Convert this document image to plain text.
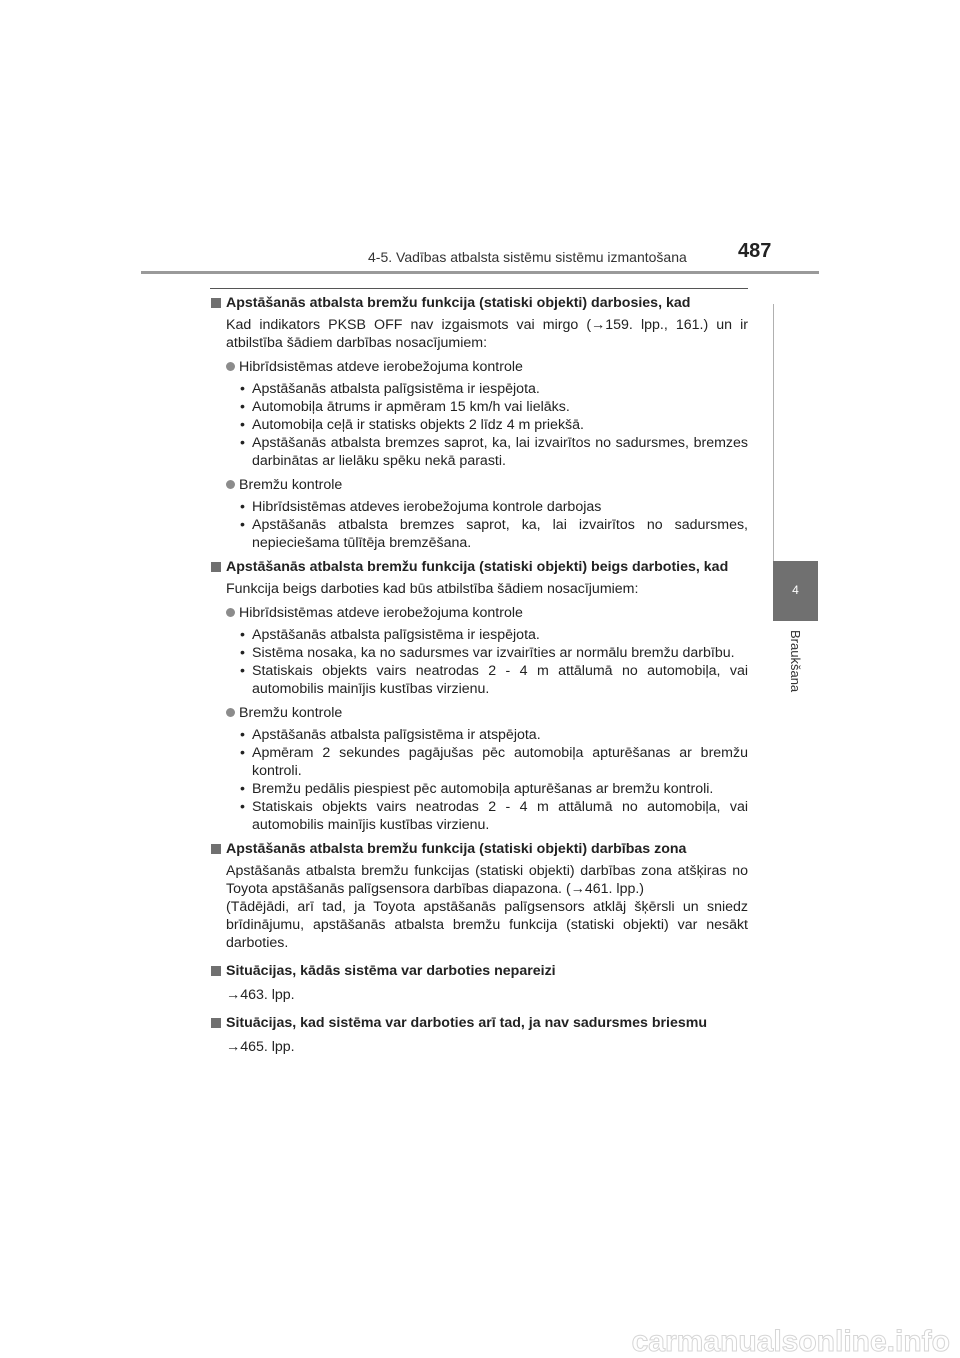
4-5. Vadības atbalsta sistēmu sistēmu izmantošana	487
4
Braukšana
Apstāšanās atbalsta bremžu funkcija (statiski objekti) darbosies, kad
Kad indikators PKSB OFF nav izgaismots vai mirgo (→159. lpp., 161.) un ir atbilstība šādiem darbības nosacījumiem:
Hibrīdsistēmas atdeve ierobežojuma kontrole
• Apstāšanās atbalsta palīgsistēma ir iespējota.
• Automobiļa ātrums ir apmēram 15 km/h vai lielāks.
• Automobiļa ceļā ir statisks objekts 2 līdz 4 m priekšā.
• Apstāšanās atbalsta bremzes saprot, ka, lai izvairītos no sadursmes, bremzes darbinātas ar lielāku spēku nekā parasti.
Bremžu kontrole
• Hibrīdsistēmas atdeves ierobežojuma kontrole darbojas
• Apstāšanās atbalsta bremzes saprot, ka, lai izvairītos no sadursmes, nepieciešama tūlītēja bremzēšana.
Apstāšanās atbalsta bremžu funkcija (statiski objekti) beigs darboties, kad
Funkcija beigs darboties kad būs atbilstība šādiem nosacījumiem:
Hibrīdsistēmas atdeve ierobežojuma kontrole
• Apstāšanās atbalsta palīgsistēma ir iespējota.
• Sistēma nosaka, ka no sadursmes var izvairīties ar normālu bremžu darbību.
• Statiskais objekts vairs neatrodas 2 - 4 m attālumā no automobiļa, vai automobilis mainījis kustības virzienu.
Bremžu kontrole
• Apstāšanās atbalsta palīgsistēma ir atspējota.
• Apmēram 2 sekundes pagājušas pēc automobiļa apturēšanas ar bremžu kontroli.
• Bremžu pedālis piespiest pēc automobiļa apturēšanas ar bremžu kontroli.
• Statiskais objekts vairs neatrodas 2 - 4 m attālumā no automobiļa, vai automobilis mainījis kustības virzienu.
Apstāšanās atbalsta bremžu funkcija (statiski objekti) darbības zona
Apstāšanās atbalsta bremžu funkcijas (statiski objekti) darbības zona atšķiras no Toyota apstāšanās palīgsensora darbības diapazona. (→461. lpp.)
(Tādējādi, arī tad, ja Toyota apstāšanās palīgsensors atklāj šķērsli un sniedz brīdinājumu, apstāšanās atbalsta bremžu funkcija (statiski objekti) var nesākt darboties.
Situācijas, kādās sistēma var darboties nepareizi
→463. lpp.
Situācijas, kad sistēma var darboties arī tad, ja nav sadursmes briesmu
→465. lpp.
carmanualsonline.info
